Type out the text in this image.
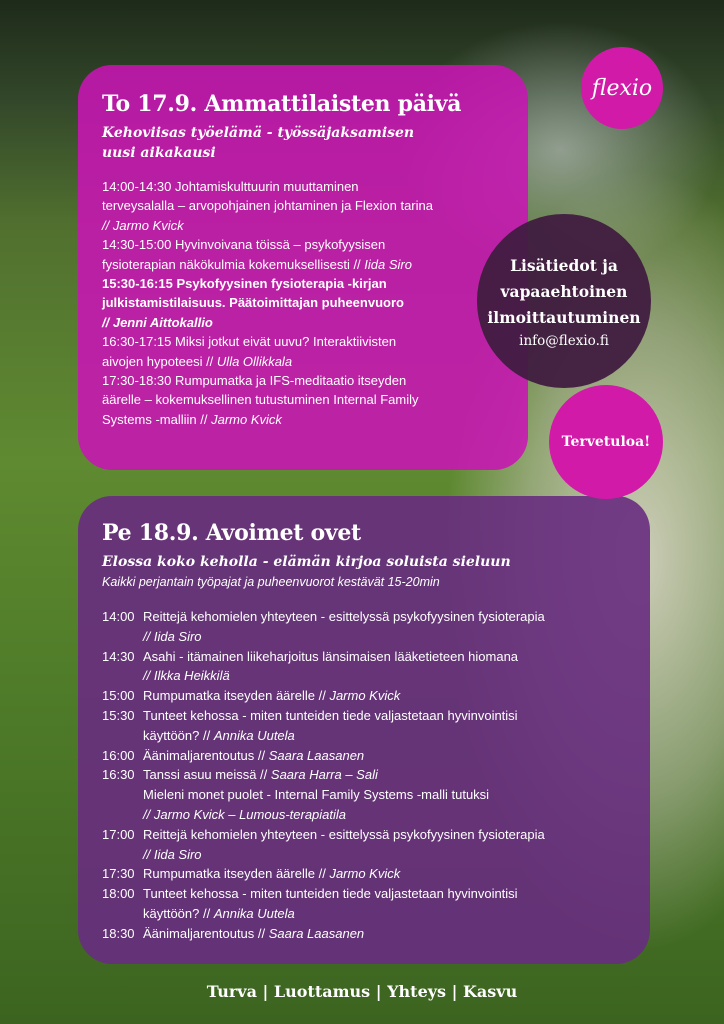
To 17.9. Ammattilaisten päivä

Kehoviisas työelämä - työssäjaksamisen

uusi aikakausi

14:00-14:30 Johtamiskulttuurin muuttaminen
terveysalalla – arvopohjainen johtaminen ja Flexion tarina
// Jarmo Kvick
14:30-15:00 Hyvinvoivana töissä – psykofyysisen
fysioterapian näkökulmia kokemuksellisesti // Iida Siro
15:30-16:15 Psykofyysinen fysioterapia -kirjan
julkistamistilaisuus. Päätoimittajan puheenvuoro
// Jenni Aittokallio
16:30-17:15 Miksi jotkut eivät uuvu? Interaktiivisten
aivojen hypoteesi // Ulla Ollikkala
17:30-18:30 Rumpumatka ja IFS-meditaatio itseyden
äärelle – kokemuksellinen tutustuminen Internal Family
Systems -malliin // Jarmo Kvick
Pe 18.9. Avoimet ovet

Elossa koko keholla - elämän kirjoa soluista sieluun

Kaikki perjantain työpajat ja puheenvuorot kestävät 15-20min
14:00 Reittejä kehomielen yhteyteen - esittelyssä psykofyysinen fysioterapia
// Iida Siro
14:30 Asahi - itämainen liikeharjoitus länsimaisen lääketieteen hiomana
// Ilkka Heikkilä
15:00 Rumpumatka itseyden äärelle // Jarmo Kvick
15:30 Tunteet kehossa - miten tunteiden tiede valjastetaan hyvinvointisi
käyttöön? // Annika Uutela
16:00 Äänimaljarentoutus // Saara Laasanen
16:30 Tanssi asuu meissä // Saara Harra – Sali
Mieleni monet puolet - Internal Family Systems -malli tutuksi
// Jarmo Kvick – Lumous-terapiatila
17:00 Reittejä kehomielen yhteyteen - esittelyssä psykofyysinen fysioterapia
// Iida Siro
17:30 Rumpumatka itseyden äärelle // Jarmo Kvick
18:00 Tunteet kehossa - miten tunteiden tiede valjastetaan hyvinvointisi
käyttöön? // Annika Uutela
18:30 Äänimaljarentoutus // Saara Laasanen
flexio
Lisätiedot ja
vapaaehtoinen
ilmoittautuminen
info@flexio.fi
Tervetuloa!
Turva | Luottamus | Yhteys | Kasvu
